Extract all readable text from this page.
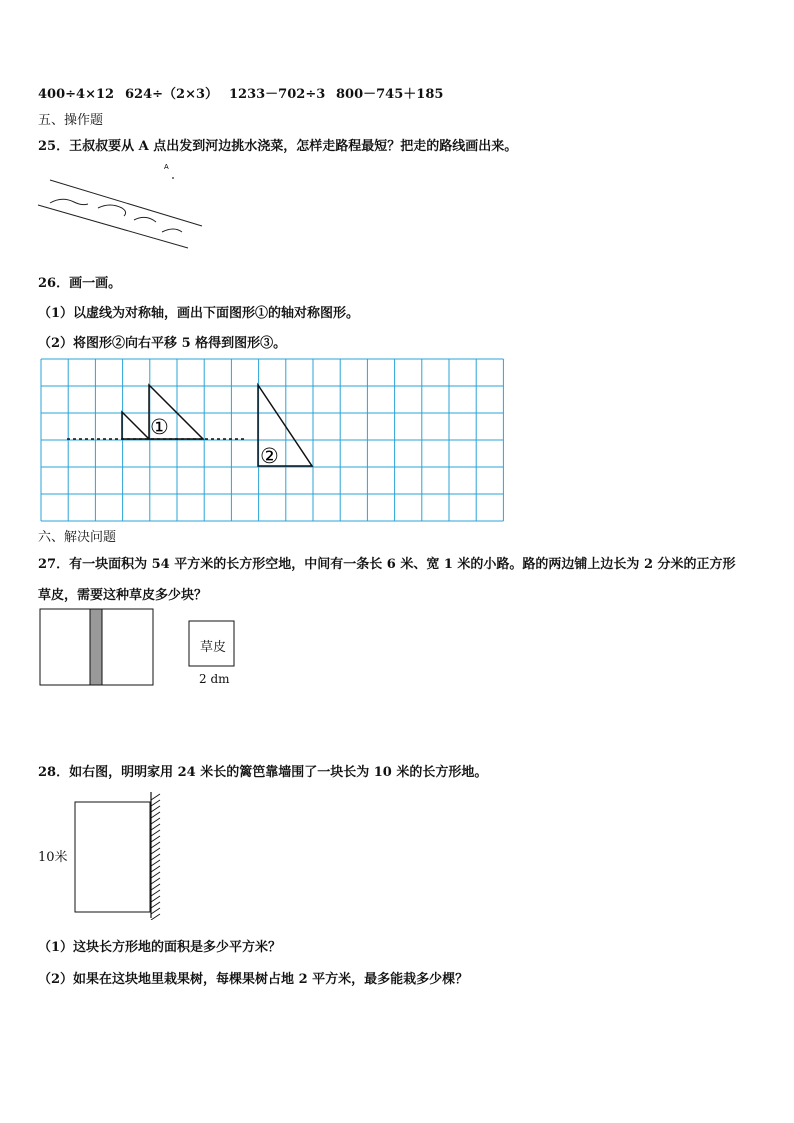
400÷4×12 624÷（2×3） 1233－702÷3 800－745＋185
五、操作题
25．王叔叔要从 A 点出发到河边挑水浇菜，怎样走路程最短？把走的路线画出来。
A
26．画一画。
（1）以虚线为对称轴，画出下面图形①的轴对称图形。
（2）将图形②向右平移 5 格得到图形③。
①
②
六、解决问题
27．有一块面积为 54 平方米的长方形空地，中间有一条长 6 米、宽 1 米的小路。路的两边铺上边长为 2 分米的正方形
草皮，需要这种草皮多少块？
草皮
2 dm
28．如右图，明明家用 24 米长的篱笆靠墙围了一块长为 10 米的长方形地。
10米
（1）这块长方形地的面积是多少平方米？
（2）如果在这块地里栽果树，每棵果树占地 2 平方米，最多能栽多少棵？
